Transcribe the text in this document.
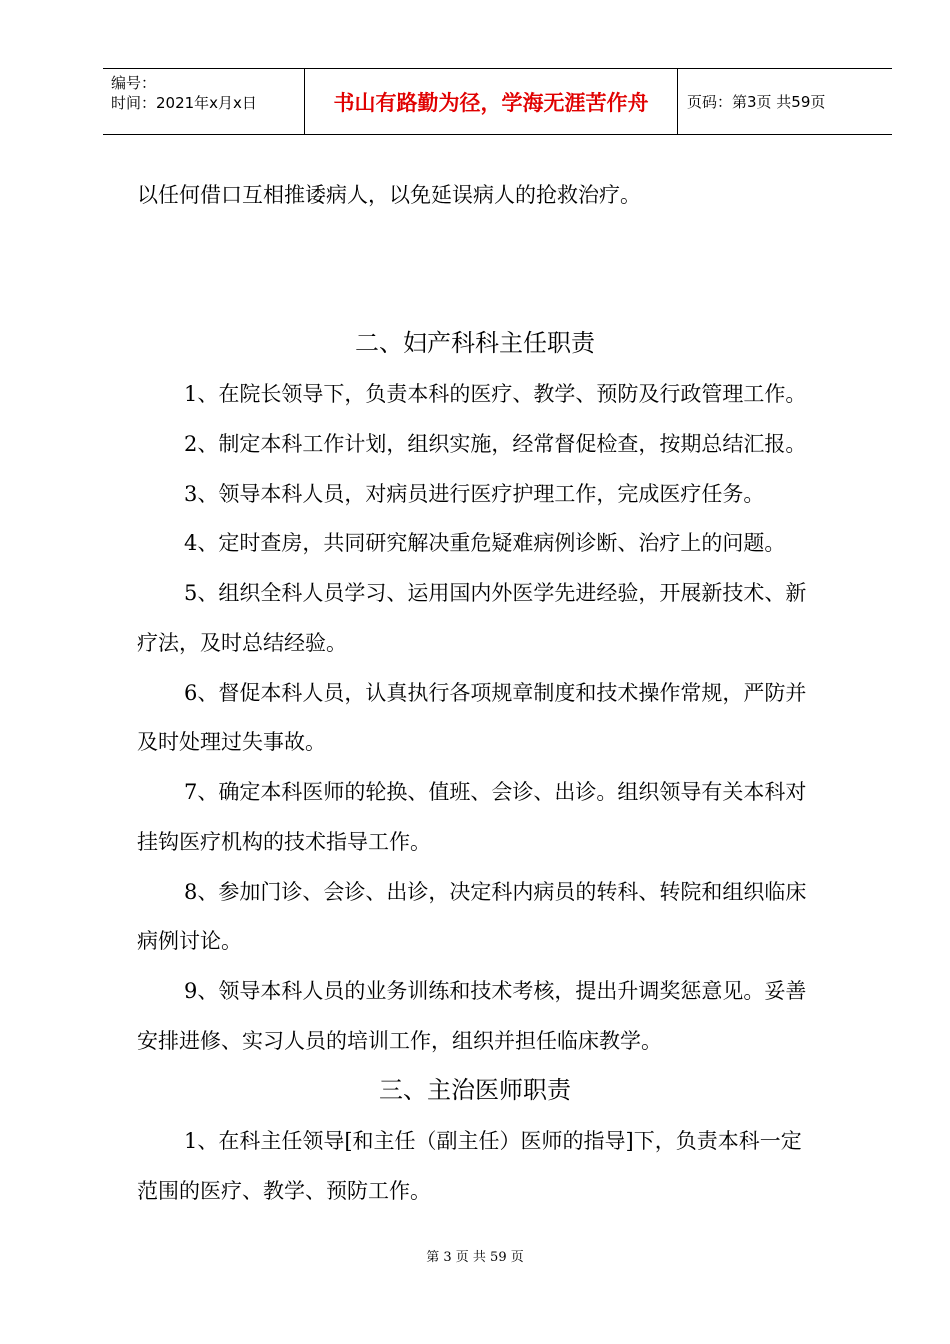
编号：
时间：2021年x月x日	书山有路勤为径，学海无涯苦作舟	页码：第3页 共59页
以任何借口互相推诿病人，以免延误病人的抢救治疗。
二、妇产科科主任职责
1、在院长领导下，负责本科的医疗、教学、预防及行政管理工作。
2、制定本科工作计划，组织实施，经常督促检查，按期总结汇报。
3、领导本科人员，对病员进行医疗护理工作，完成医疗任务。
4、定时查房，共同研究解决重危疑难病例诊断、治疗上的问题。
5、组织全科人员学习、运用国内外医学先进经验，开展新技术、新
疗法，及时总结经验。
6、督促本科人员，认真执行各项规章制度和技术操作常规，严防并
及时处理过失事故。
7、确定本科医师的轮换、值班、会诊、出诊。组织领导有关本科对
挂钩医疗机构的技术指导工作。
8、参加门诊、会诊、出诊，决定科内病员的转科、转院和组织临床
病例讨论。
9、领导本科人员的业务训练和技术考核，提出升调奖惩意见。妥善
安排进修、实习人员的培训工作，组织并担任临床教学。
三、主治医师职责
1、在科主任领导[和主任（副主任）医师的指导]下，负责本科一定
范围的医疗、教学、预防工作。
第 3 页 共 59 页
